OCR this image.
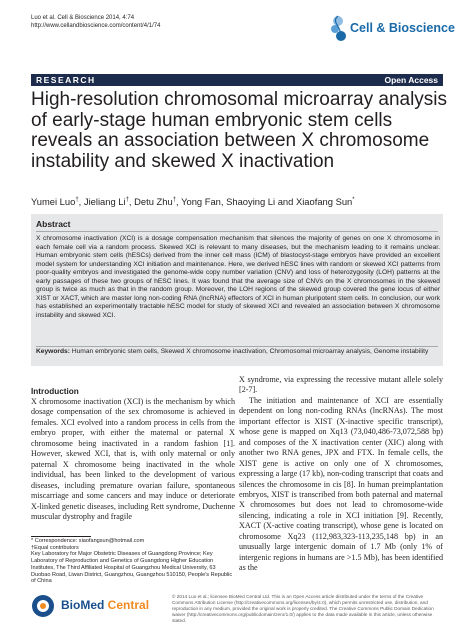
Luo et al. Cell & Bioscience 2014, 4:74
http://www.cellandbioscience.com/content/4/1/74	Cell & Bioscience
RESEARCH	Open Access
High-resolution chromosomal microarray analysis of early-stage human embryonic stem cells reveals an association between X chromosome instability and skewed X inactivation
Yumei Luo†, Jieliang Li†, Detu Zhu†, Yong Fan, Shaoying Li and Xiaofang Sun*
Abstract
X chromosome inactivation (XCI) is a dosage compensation mechanism that silences the majority of genes on one X chromosome in each female cell via a random process. Skewed XCI is relevant to many diseases, but the mechanism leading to it remains unclear. Human embryonic stem cells (hESCs) derived from the inner cell mass (ICM) of blastocyst-stage embryos have provided an excellent model system for understanding XCI initiation and maintenance. Here, we derived hESC lines with random or skewed XCI patterns from poor-quality embryos and investigated the genome-wide copy number variation (CNV) and loss of heterozygosity (LOH) patterns at the early passages of these two groups of hESC lines. It was found that the average size of CNVs on the X chromosomes in the skewed group is twice as much as that in the random group. Moreover, the LOH regions of the skewed group covered the gene locus of either XIST or XACT, which are master long non-coding RNA (lncRNA) effectors of XCI in human pluripotent stem cells. In conclusion, our work has established an experimentally tractable hESC model for study of skewed XCI and revealed an association between X chromosome instability and skewed XCI.
Keywords: Human embryonic stem cells, Skewed X chromosome inactivation, Chromosomal microarray analysis, Genome instability
Introduction
X chromosome inactivation (XCI) is the mechanism by which dosage compensation of the sex chromosome is achieved in females. XCI evolved into a random process in cells from the embryo proper, with either the maternal or paternal X chromosome being inactivated in a random fashion [1]. However, skewed XCI, that is, with only maternal or only paternal X chromosome being inactivated in the whole individual, has been linked to the development of various diseases, including premature ovarian failure, spontaneous miscarriage and some cancers and may induce or deteriorate X-linked genetic diseases, including Rett syndrome, Duchenne muscular dystrophy and fragile
X syndrome, via expressing the recessive mutant allele solely [2-7].
The initiation and maintenance of XCI are essentially dependent on long non-coding RNAs (lncRNAs). The most important effector is XIST (X-inactive specific transcript), whose gene is mapped on Xq13 (73,040,486-73,072,588 bp) and composes of the X inactivation center (XIC) along with another two RNA genes, JPX and FTX. In female cells, the XIST gene is active on only one of X chromosomes, expressing a large (17 kb), non-coding transcript that coats and silences the chromosome in cis [8]. In human preimplantation embryos, XIST is transcribed from both paternal and maternal X chromosomes but does not lead to chromosome-wide silencing, indicating a role in XCI initiation [9]. Recently, XACT (X-active coating transcript), whose gene is located on chromosome Xq23 (112,983,323-113,235,148 bp) in an unusually large intergenic domain of 1.7 Mb (only 1% of intergenic regions in humans are >1.5 Mb), has been identified as the
* Correspondence: xiaofangsun@hotmail.com
†Equal contributors
Key Laboratory for Major Obstetric Diseases of Guangdong Province; Key Laboratory of Reproduction and Genetics of Guangdong Higher Education Institutes, The Third Affiliated Hospital of Guangzhou Medical University, 63 Duobao Road, Liwan District, Guangzhou, Guangzhou 510150, People's Republic of China
BioMed Central
© 2014 Luo et al.; licensee BioMed Central Ltd. This is an Open Access article distributed under the terms of the Creative Commons Attribution License (http://creativecommons.org/licenses/by/4.0), which permits unrestricted use, distribution, and reproduction in any medium, provided the original work is properly credited. The Creative Commons Public Domain Dedication waiver (http://creativecommons.org/publicdomain/zero/1.0/) applies to the data made available in this article, unless otherwise stated.
